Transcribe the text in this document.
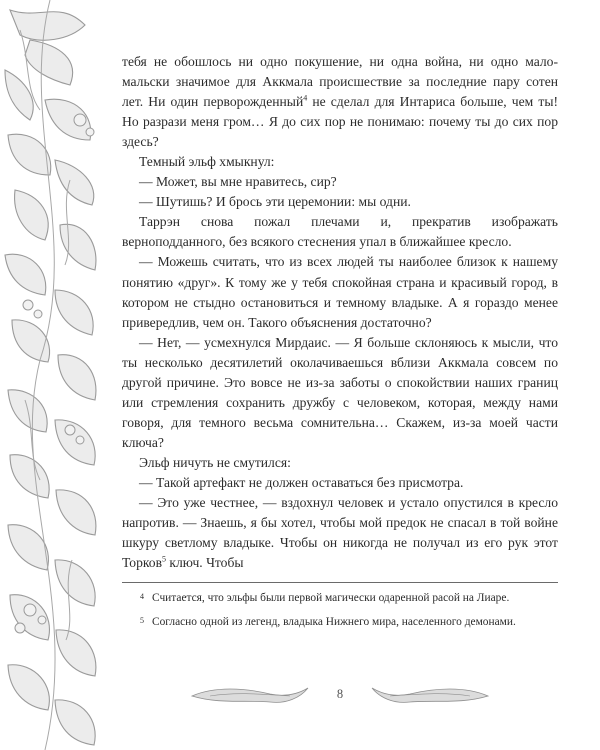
тебя не обошлось ни одно покушение, ни одна война, ни одно мало-мальски значимое для Аккмала происшествие за последние пару сотен лет. Ни один перворожденный$^4$ не сделал для Интариса больше, чем ты! Но разрази меня гром… Я до сих пор не понимаю: почему ты до сих пор здесь?

Темный эльф хмыкнул:

— Может, вы мне нравитесь, сир?

— Шутишь? И брось эти церемонии: мы одни.

Таррэн снова пожал плечами и, прекратив изображать верноподданного, без всякого стеснения упал в ближайшее кресло.

— Можешь считать, что из всех людей ты наиболее близок к нашему понятию «друг». К тому же у тебя спокойная страна и красивый город, в котором не стыдно остановиться и темному владыке. А я гораздо менее привередлив, чем он. Такого объяснения достаточно?

— Нет, — усмехнулся Мирдаис. — Я больше склоняюсь к мысли, что ты несколько десятилетий околачиваешься вблизи Аккмала совсем по другой причине. Это вовсе не из-за заботы о спокойствии наших границ или стремления сохранить дружбу с человеком, которая, между нами говоря, для темного весьма сомнительна… Скажем, из-за моей части ключа?

Эльф ничуть не смутился:

— Такой артефакт не должен оставаться без присмотра.

— Это уже честнее, — вздохнул человек и устало опустился в кресло напротив. — Знаешь, я бы хотел, чтобы мой предок не спасал в той войне шкуру светлому владыке. Чтобы он никогда не получал из его рук этот Торков$^5$ ключ. Чтобы

4 Считается, что эльфы были первой магически одаренной расой на Лиаре.
5 Согласно одной из легенд, владыка Нижнего мира, населенного демонами.
8
